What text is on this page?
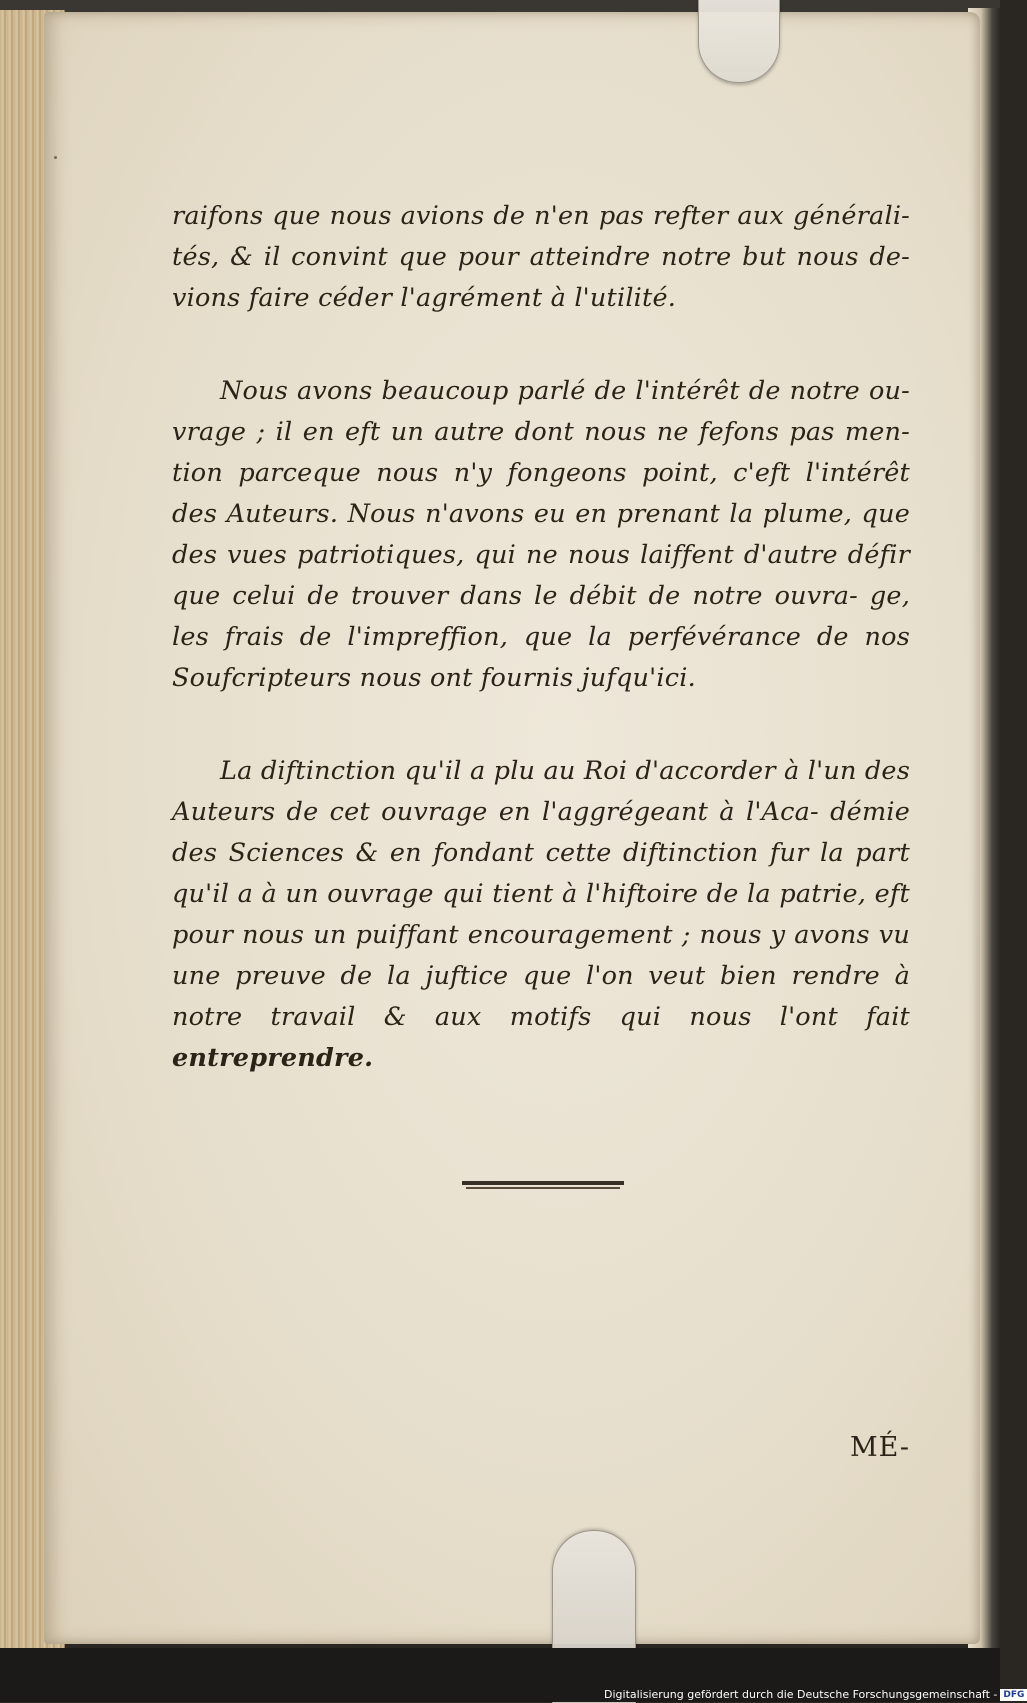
raifons que nous avions de n'en pas refter aux générali- tés, & il convint que pour atteindre notre but nous de- vions faire céder l'agrément à l'utilité.

Nous avons beaucoup parlé de l'intérêt de notre ou- vrage ; il en eft un autre dont nous ne fefons pas men- tion parceque nous n'y fongeons point, c'eft l'intérêt des Auteurs. Nous n'avons eu en prenant la plume, que des vues patriotiques, qui ne nous laiffent d'autre défir que celui de trouver dans le débit de notre ouvra- ge, les frais de l'impreffion, que la perfévérance de nos Soufcripteurs nous ont fournis jufqu'ici.

La diftinction qu'il a plu au Roi d'accorder à l'un des Auteurs de cet ouvrage en l'aggrégeant à l'Aca- démie des Sciences & en fondant cette diftinction fur la part qu'il a à un ouvrage qui tient à l'hiftoire de la patrie, eft pour nous un puiffant encouragement ; nous y avons vu une preuve de la juftice que l'on veut bien rendre à notre travail & aux motifs qui nous l'ont fait entreprendre.

MÉ-
Digitalisierung gefördert durch die Deutsche Forschungsgemeinschaft - DFG
